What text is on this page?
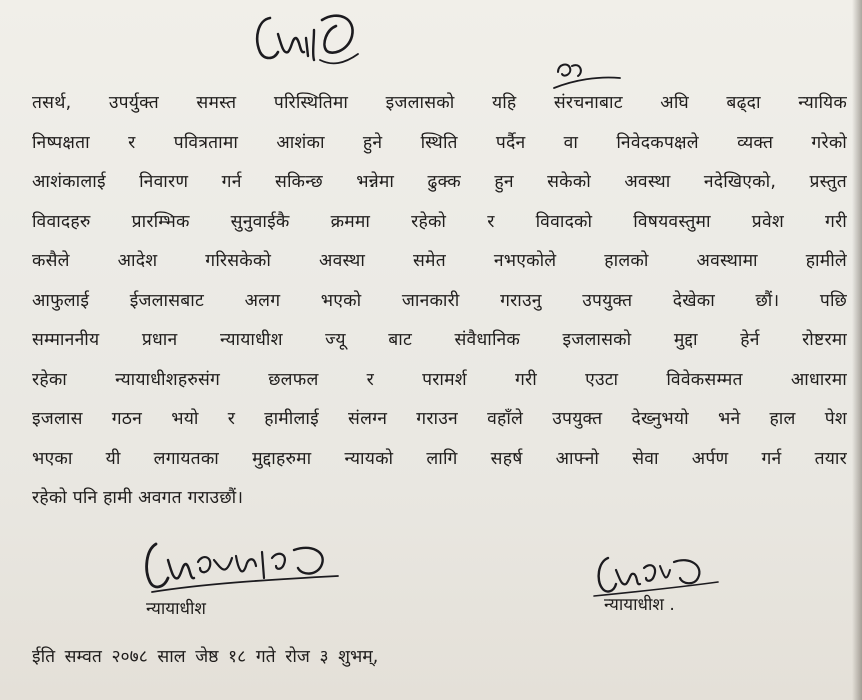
तसर्थ, उपर्युक्त समस्त परिस्थितिमा इजलासको यहि संरचनाबाट अघि बढ्दा न्यायिक
निष्पक्षता र पवित्रतामा आशंका हुने स्थिति पर्दैन वा निवेदकपक्षले व्यक्त गरेको
आशंकालाई निवारण गर्न सकिन्छ भन्नेमा ढुक्क हुन सकेको अवस्था नदेखिएको, प्रस्तुत
विवादहरु प्रारम्भिक सुनुवाईकै क्रममा रहेको र विवादको विषयवस्तुमा प्रवेश गरी
कसैले आदेश गरिसकेको अवस्था समेत नभएकोले हालको अवस्थामा हामीले
आफुलाई ईजलासबाट अलग भएको जानकारी गराउनु उपयुक्त देखेका छौं। पछि
सम्माननीय प्रधान न्यायाधीश ज्यू बाट संवैधानिक इजलासको मुद्दा हेर्न रोष्टरमा
रहेका न्यायाधीशहरुसंग छलफल र परामर्श गरी एउटा विवेकसम्मत आधारमा
इजलास गठन भयो र हामीलाई संलग्न गराउन वहाँले उपयुक्त देख्नुभयो भने हाल पेश
भएका यी लगायतका मुद्दाहरुमा न्यायको लागि सहर्ष आफ्नो सेवा अर्पण गर्न तयार
रहेको पनि हामी अवगत गराउछौं।
न्यायाधीश	न्यायाधीश .
ईति सम्वत २०७८ साल जेष्ठ १८ गते रोज ३ शुभम्,
